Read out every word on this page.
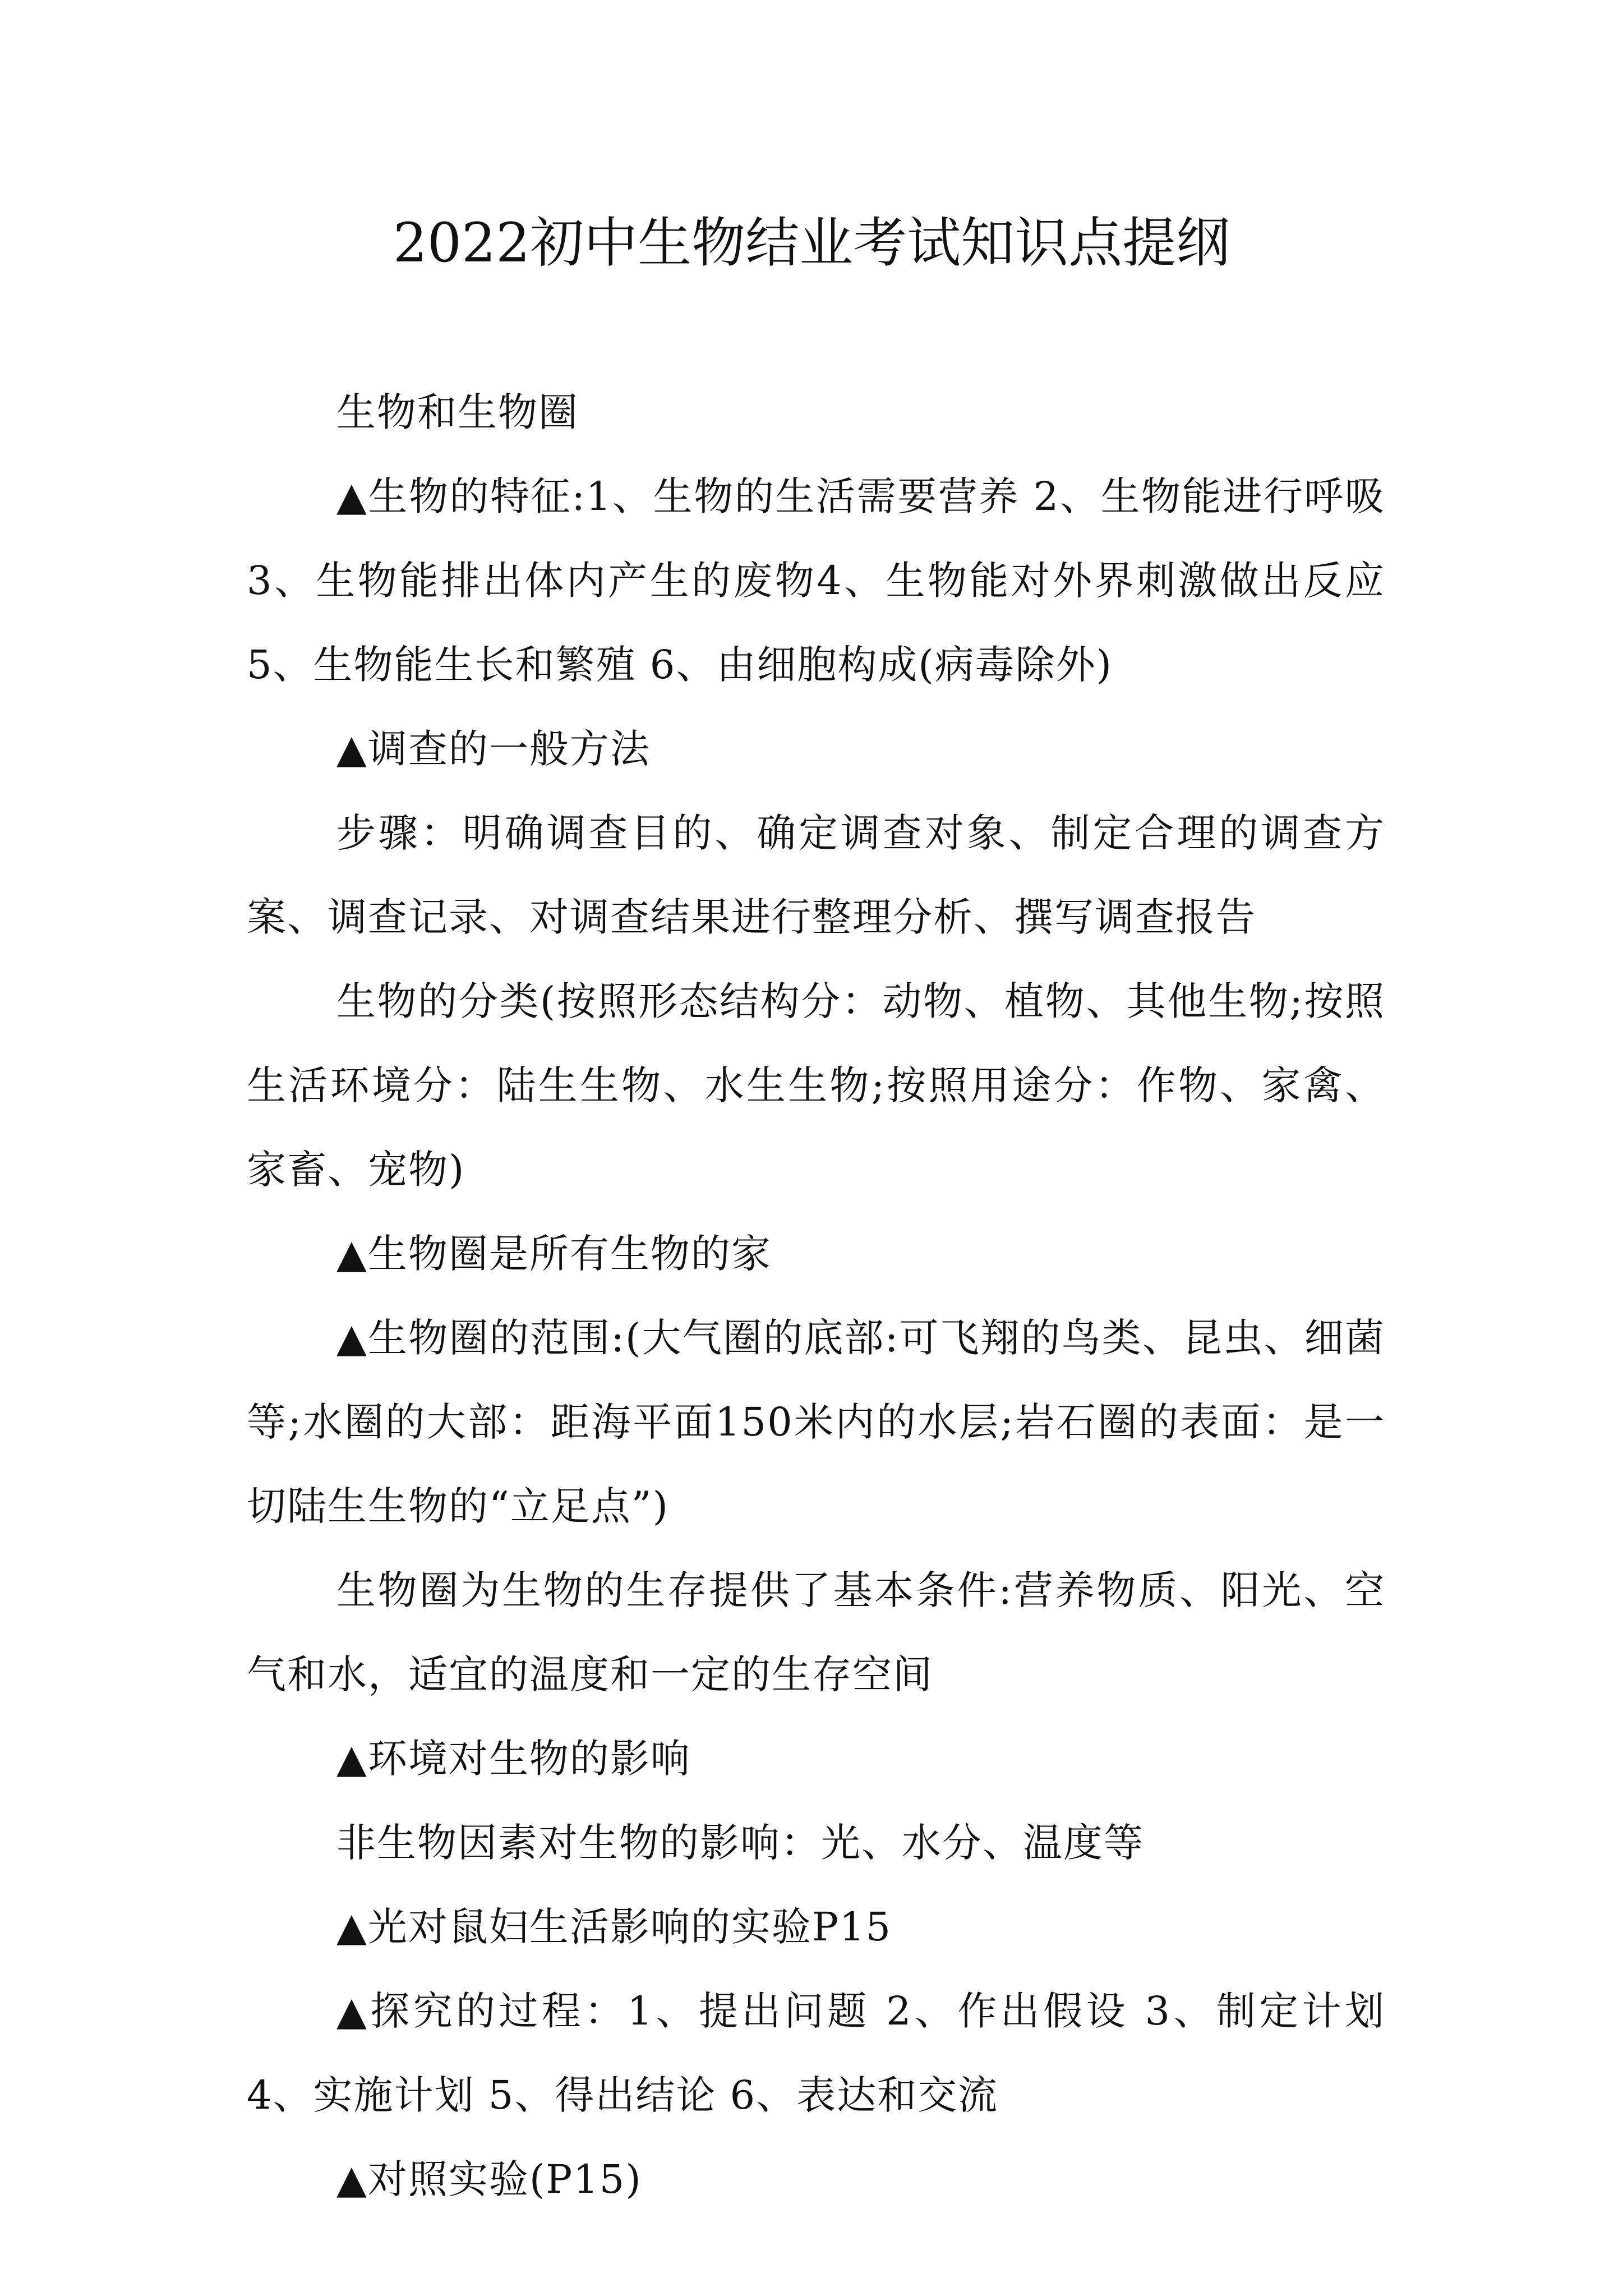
2022初中生物结业考试知识点提纲

生物和生物圈

▲生物的特征:1、生物的生活需要营养 2、生物能进行呼吸 3、生物能排出体内产生的废物4、生物能对外界刺激做出反应 5、生物能生长和繁殖 6、由细胞构成(病毒除外)

▲调查的一般方法

步骤：明确调查目的、确定调查对象、制定合理的调查方案、调查记录、对调查结果进行整理分析、撰写调查报告

生物的分类(按照形态结构分：动物、植物、其他生物;按照生活环境分：陆生生物、水生生物;按照用途分：作物、家禽、家畜、宠物)

▲生物圈是所有生物的家

▲生物圈的范围:(大气圈的底部:可飞翔的鸟类、昆虫、细菌等;水圈的大部：距海平面150米内的水层;岩石圈的表面：是一切陆生生物的“立足点”)

生物圈为生物的生存提供了基本条件:营养物质、阳光、空气和水，适宜的温度和一定的生存空间

▲环境对生物的影响

非生物因素对生物的影响：光、水分、温度等

▲光对鼠妇生活影响的实验P15

▲探究的过程：1、提出问题 2、作出假设 3、制定计划4、实施计划 5、得出结论 6、表达和交流

▲对照实验(P15)
